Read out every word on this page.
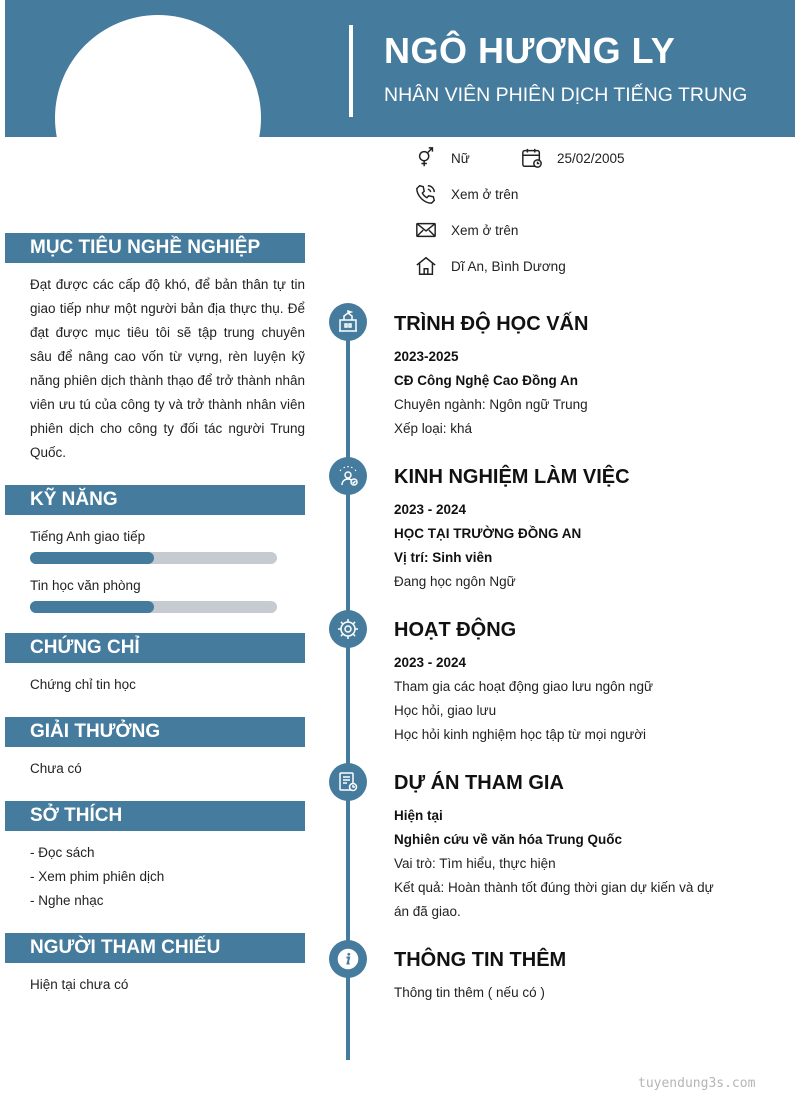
NGÔ HƯƠNG LY
NHÂN VIÊN PHIÊN DỊCH TIẾNG TRUNG
Nữ	25/02/2005
Xem ở trên
Xem ở trên
Dĩ An, Bình Dương
MỤC TIÊU NGHỀ NGHIỆP
Đạt được các cấp độ khó, để bản thân tự tin giao tiếp như một người bản địa thực thụ. Để đạt được mục tiêu tôi sẽ tập trung chuyên sâu để nâng cao vốn từ vựng, rèn luyện kỹ năng phiên dịch thành thạo để trở thành nhân viên ưu tú của công ty và trở thành nhân viên phiên dịch cho công ty đối tác người Trung Quốc.
KỸ NĂNG
Tiếng Anh giao tiếp
Tin học văn phòng
CHỨNG CHỈ
Chứng chỉ tin học
GIẢI THƯỞNG
Chưa có
SỞ THÍCH
- Đọc sách
- Xem phim phiên dịch
- Nghe nhạc
NGƯỜI THAM CHIẾU
Hiện tại chưa có
TRÌNH ĐỘ HỌC VẤN
2023-2025
CĐ Công Nghệ Cao Đồng An
Chuyên ngành: Ngôn ngữ Trung
Xếp loại: khá
KINH NGHIỆM LÀM VIỆC
2023 - 2024
HỌC TẠI TRƯỜNG ĐỒNG AN
Vị trí: Sinh viên
Đang học ngôn Ngữ
HOẠT ĐỘNG
2023 - 2024
Tham gia các hoạt động giao lưu ngôn ngữ
Học hỏi, giao lưu
Học hỏi kinh nghiệm học tập từ mọi người
DỰ ÁN THAM GIA
Hiện tại
Nghiên cứu về văn hóa Trung Quốc
Vai trò: Tìm hiểu, thực hiện
Kết quả: Hoàn thành tốt đúng thời gian dự kiến và dự án đã giao.
THÔNG TIN THÊM
Thông tin thêm ( nếu có )
tuyendung3s.com
